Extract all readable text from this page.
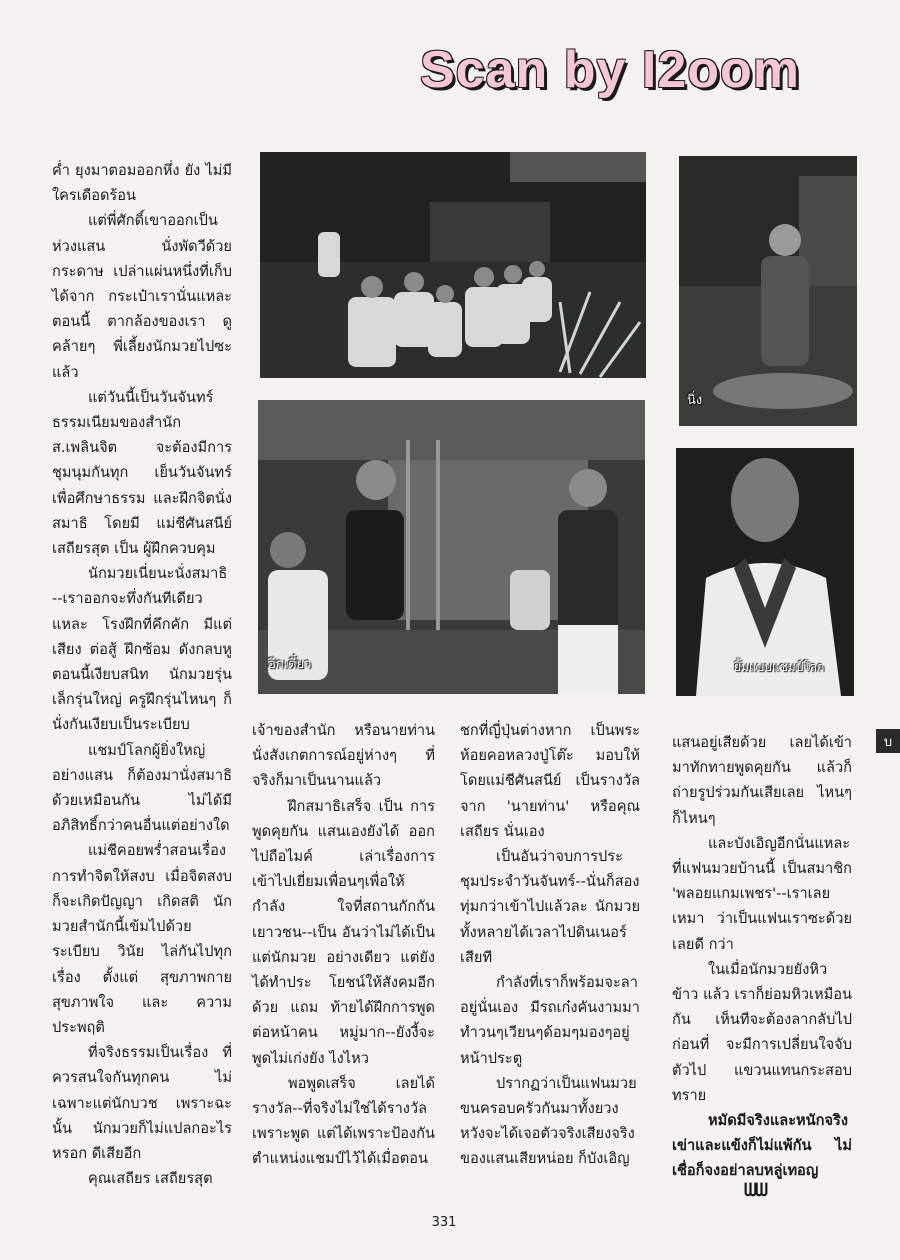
Scan by I2oom

ค่ำ ยุงมาตอมออกหึ่ง ยัง ไม่มีใครเดือดร้อน

แต่พี่ศักดิ์เขาออกเป็น ห่วงแสน นั่งพัดวีด้วยกระดาษ เปล่าแผ่นหนึ่งที่เก็บได้จาก กระเป๋าเรานั่นแหละ ตอนนี้ ตากล้องของเรา ดูคล้ายๆ พี่เลี้ยงนักมวยไปซะแล้ว

แต่วันนี้เป็นวันจันทร์ ธรรมเนียมของสำนักส.เพลินจิต จะต้องมีการชุมนุมกันทุก เย็นวันจันทร์ เพื่อศึกษาธรรม และฝึกจิตนั่งสมาธิ โดยมี แม่ชีศันสนีย์ เสถียรสุต เป็น ผู้ฝึกควบคุม

นักมวยเนี่ยนะนั่งสมาธิ --เราออกจะทึ่งกันทีเดียวแหละ โรงฝึกที่คึกคัก มีแต่เสียง ต่อสู้ ฝึกซ้อม ดังกลบหู ตอนนี้เงียบสนิท นักมวยรุ่น เล็กรุ่นใหญ่ ครูฝึกรุ่นไหนๆ ก็นั่งกันเงียบเป็นระเบียบ

แชมป์โลกผู้ยิ่งใหญ่ อย่างแสน ก็ต้องมานั่งสมาธิ ด้วยเหมือนกัน ไม่ได้มี อภิสิทธิ์กว่าคนอื่นแต่อย่างใด

แม่ชีคอยพร่ำสอนเรื่อง การทำจิตให้สงบ เมื่อจิตสงบ ก็จะเกิดปัญญา เกิดสติ นัก มวยสำนักนี้เข้มไปด้วยระเบียบ วินัย ไล่กันไปทุกเรื่อง ตั้งแต่ สุขภาพกาย สุขภาพใจ และ ความประพฤติ

ที่จริงธรรมเป็นเรื่อง ที่ควรสนใจกันทุกคน ไม่ เฉพาะแต่นักบวช เพราะฉะ นั้น นักมวยก็ไม่แปลกอะไร หรอก ดีเสียอีก

คุณเสถียร เสถียรสุต

นิ่ง
อีกเดี๋ยว	ยิ้มแบบแชมป์โลก

เจ้าของสำนัก หรือนายท่าน นั่งสังเกตการณ์อยู่ห่างๆ ที่ จริงก็มาเป็นนานแล้ว

ฝึกสมาธิเสร็จ เป็น การพูดคุยกัน แสนเองยังได้ ออกไปถือไมค์ เล่าเรื่องการ เข้าไปเยี่ยมเพื่อนๆเพื่อให้กำลัง ใจที่สถานกักกันเยาวชน--เป็น อันว่าไม่ได้เป็นแต่นักมวย อย่างเดียว แต่ยังได้ทำประ โยชน์ให้สังคมอีกด้วย แถม ท้ายได้ฝึกการพูดต่อหน้าคน หมู่มาก--ยังงี้จะพูดไม่เก่งยัง ไงไหว

พอพูดเสร็จ เลยได้ รางวัล--ที่จริงไม่ใช่ได้รางวัล เพราะพูด แต่ได้เพราะป้องกัน ตำแหน่งแชมป์ไว้ได้เมื่อตอน

ชกที่ญี่ปุ่นต่างหาก เป็นพระ ห้อยคอหลวงปู่โต๊ะ มอบให้ โดยแม่ชีศันสนีย์ เป็นรางวัล จาก 'นายท่าน' หรือคุณเสถียร นั่นเอง

เป็นอันว่าจบการประ ชุมประจำวันจันทร์--นั่นก็สอง ทุ่มกว่าเข้าไปแล้วละ นักมวย ทั้งหลายได้เวลาไปดินเนอร์ เสียที

กำลังที่เราก็พร้อมจะลา อยู่นั่นเอง มีรถเก๋งคันงามมา ทำวนๆเวียนๆด้อมๆมองๆอยู่ หน้าประตู

ปรากฏว่าเป็นแฟนมวย ขนครอบครัวกันมาทั้งยวง หวังจะได้เจอตัวจริงเสียงจริง ของแสนเสียหน่อย ก็บังเอิญ

แสนอยู่เสียด้วย เลยได้เข้า มาทักทายพูดคุยกัน แล้วก็ ถ่ายรูปร่วมกันเสียเลย ไหนๆ ก็ไหนๆ

และบังเอิญอีกนั่นแหละ ที่แฟนมวยบ้านนี้ เป็นสมาชิก 'พลอยแกมเพชร'--เราเลยเหมา ว่าเป็นแฟนเราซะด้วยเลยดี กว่า

ในเมื่อนักมวยยังหิวข้าว แล้ว เราก็ย่อมหิวเหมือนกัน เห็นทีจะต้องลากลับไป ก่อนที่ จะมีการเปลี่ยนใจจับตัวไป แขวนแทนกระสอบทราย

หมัดมีจริงและหนักจริง เข่าและแข้งก็ไม่แพ้กัน ไม่ เชื่อก็จงอย่าลบหลู่เทอญ

ᗯᗯ
บ
331
